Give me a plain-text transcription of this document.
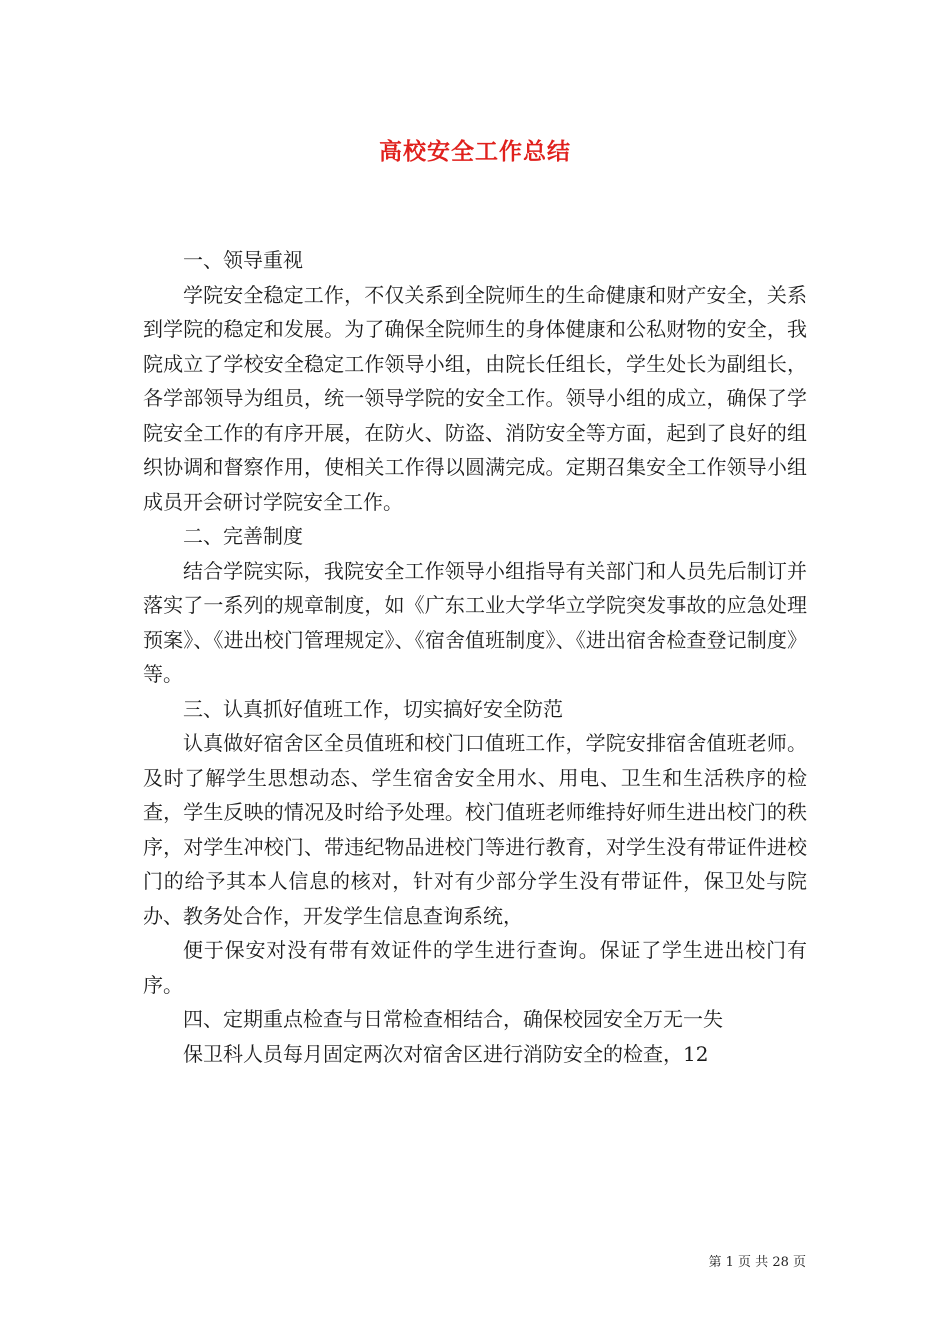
高校安全工作总结

一、领导重视

学院安全稳定工作，不仅关系到全院师生的生命健康和财产安全，关系到学院的稳定和发展。为了确保全院师生的身体健康和公私财物的安全，我院成立了学校安全稳定工作领导小组，由院长任组长，学生处长为副组长，各学部领导为组员，统一领导学院的安全工作。领导小组的成立，确保了学院安全工作的有序开展，在防火、防盗、消防安全等方面，起到了良好的组织协调和督察作用，使相关工作得以圆满完成。定期召集安全工作领导小组成员开会研讨学院安全工作。

二、完善制度

结合学院实际，我院安全工作领导小组指导有关部门和人员先后制订并落实了一系列的规章制度，如《广东工业大学华立学院突发事故的应急处理预案》、《进出校门管理规定》、《宿舍值班制度》、《进出宿舍检查登记制度》等。

三、认真抓好值班工作，切实搞好安全防范

认真做好宿舍区全员值班和校门口值班工作，学院安排宿舍值班老师。及时了解学生思想动态、学生宿舍安全用水、用电、卫生和生活秩序的检查，学生反映的情况及时给予处理。校门值班老师维持好师生进出校门的秩序，对学生冲校门、带违纪物品进校门等进行教育，对学生没有带证件进校门的给予其本人信息的核对，针对有少部分学生没有带证件，保卫处与院办、教务处合作，开发学生信息查询系统，

便于保安对没有带有效证件的学生进行查询。保证了学生进出校门有序。

四、定期重点检查与日常检查相结合，确保校园安全万无一失

保卫科人员每月固定两次对宿舍区进行消防安全的检查，12

第 1 页 共 28 页
